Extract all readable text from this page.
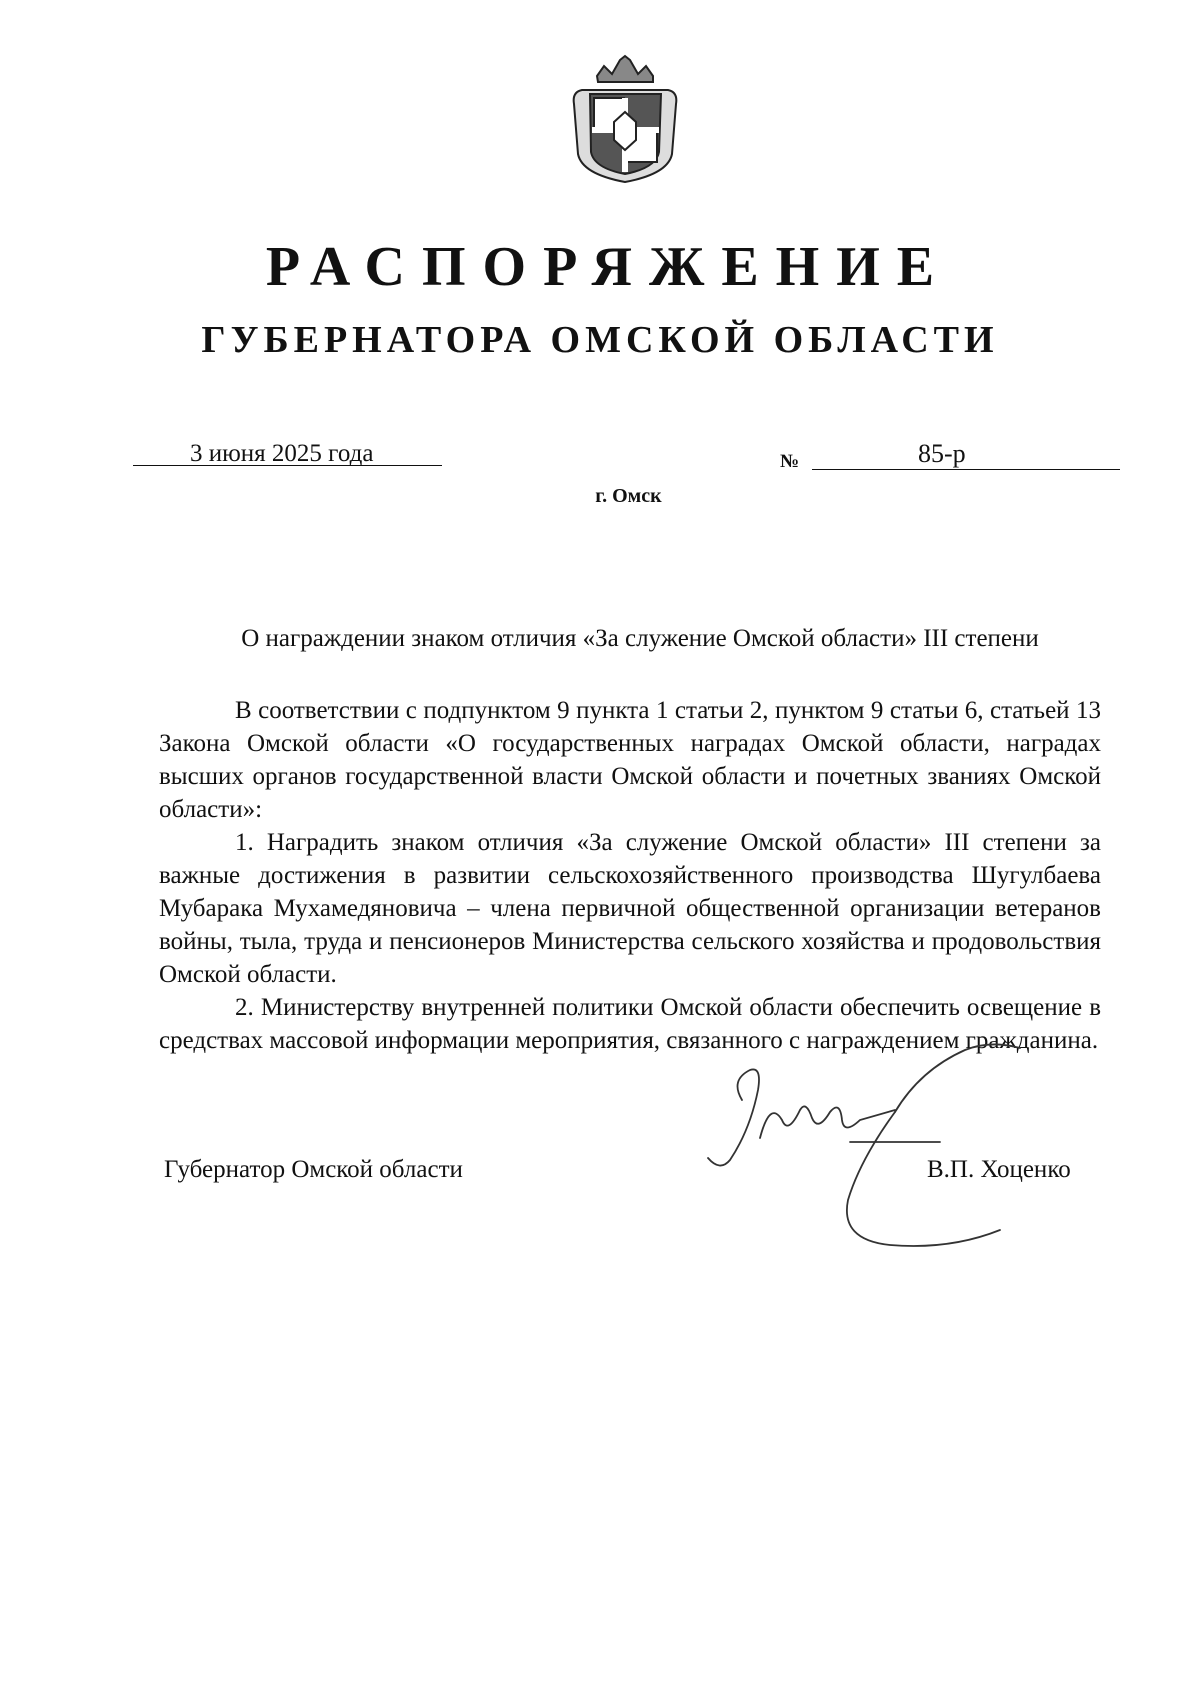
РАСПОРЯЖЕНИЕ
ГУБЕРНАТОРА ОМСКОЙ ОБЛАСТИ
3 июня 2025 года	№	85-р
г. Омск
О награждении знаком отличия «За служение Омской области» III степени

В соответствии с подпунктом 9 пункта 1 статьи 2, пунктом 9 статьи 6, статьей 13 Закона Омской области «О государственных наградах Омской области, наградах высших органов государственной власти Омской области и почетных званиях Омской области»:

1. Наградить знаком отличия «За служение Омской области» III степени за важные достижения в развитии сельскохозяйственного производства Шугулбаева Мубарака Мухамедяновича – члена первичной общественной организации ветеранов войны, тыла, труда и пенсионеров Министерства сельского хозяйства и продовольствия Омской области.

2. Министерству внутренней политики Омской области обеспечить освещение в средствах массовой информации мероприятия, связанного с награждением гражданина.

Губернатор Омской области	В.П. Хоценко
